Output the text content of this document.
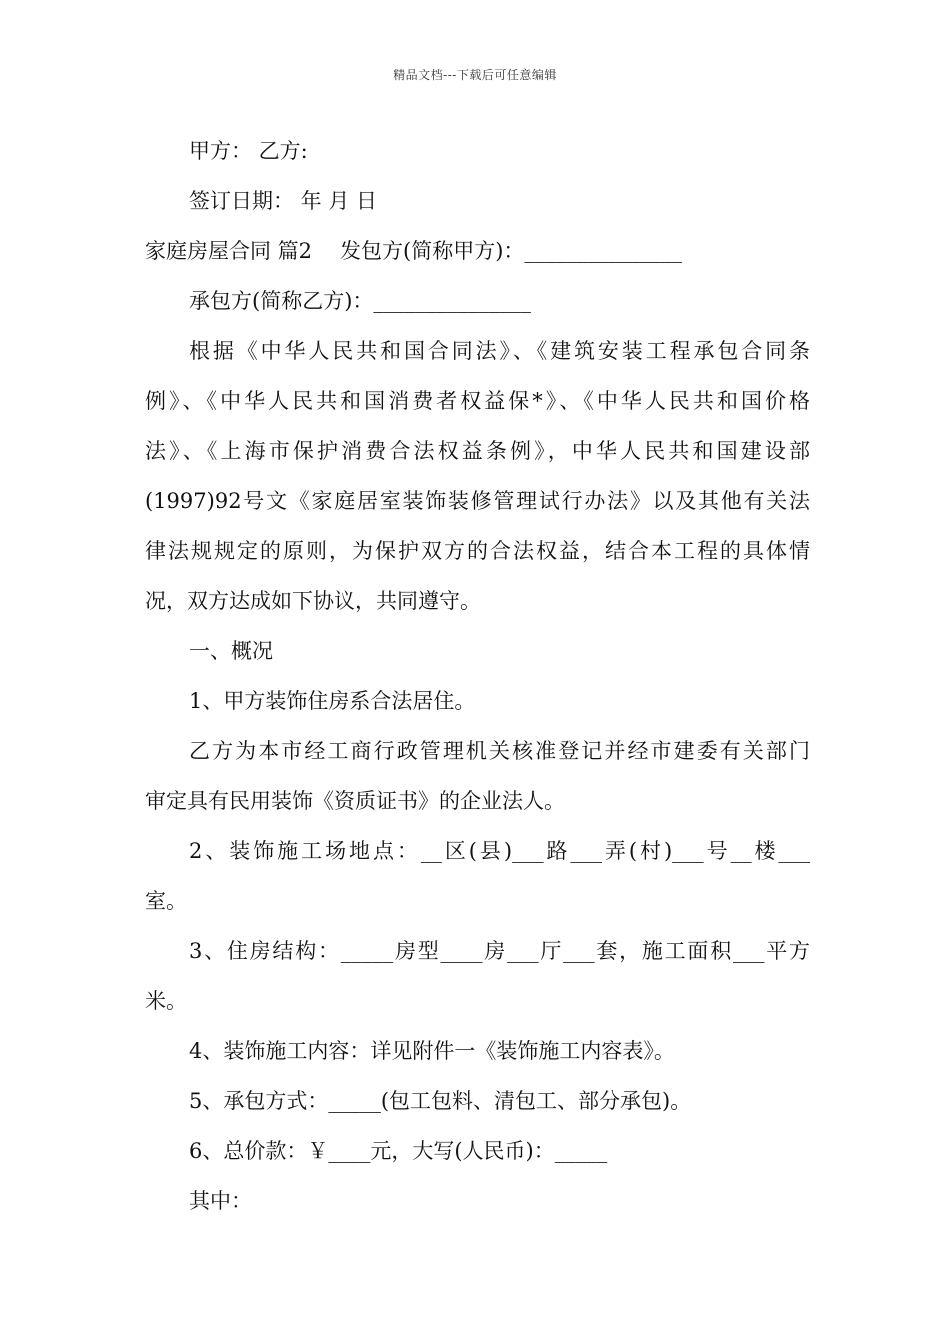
精品文档---下载后可任意编辑
甲方： 乙方:
签订日期： 年 月 日
家庭房屋合同 篇2 发包方(简称甲方)：_______________
承包方(简称乙方)：_______________
根据《中华人民共和国合同法》、《建筑安装工程承包合同条
例》、《中华人民共和国消费者权益保*》、《中华人民共和国价格
法》、《上海市保护消费合法权益条例》，中华人民共和国建设部
(1997)92号文《家庭居室装饰装修管理试行办法》以及其他有关法
律法规规定的原则，为保护双方的合法权益，结合本工程的具体情
况，双方达成如下协议，共同遵守。
一、概况
1、甲方装饰住房系合法居住。
乙方为本市经工商行政管理机关核准登记并经市建委有关部门
审定具有民用装饰《资质证书》的企业法人。
2、装饰施工场地点：__区(县)___路___弄(村)___号__楼___
室。
3、住房结构：_____房型____房___厅___套，施工面积___平方
米。
4、装饰施工内容：详见附件一《装饰施工内容表》。
5、承包方式：_____(包工包料、清包工、部分承包)。
6、总价款：￥____元，大写(人民币)：_____
其中：
